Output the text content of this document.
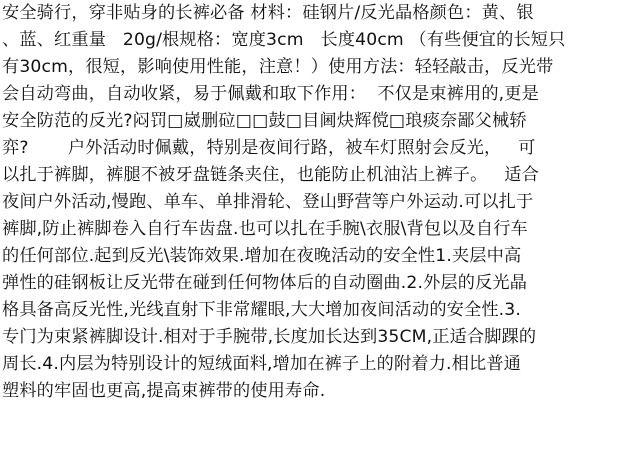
安全骑行，穿非贴身的长裤必备 材料：硅钢片/反光晶格颜色：黄、银
、蓝、红重量   20g/根规格：宽度3cm   长度40cm （有些便宜的长短只
有30cm，很短，影响使用性能，注意！）使用方法：轻轻敲击，反光带
会自动弯曲，自动收紧，易于佩戴和取下作用：  不仅是束裤用的,更是
安全防范的反光?闷罚□崴删砬□□鼓□目阃炔辉傥□琅痰奈鄙父械轿
弈?       户外活动时佩戴，特别是夜间行路，被车灯照射会反光，   可
以扎于裤脚，裤腿不被牙盘链条夹住，也能防止机油沾上裤子。   适合
夜间户外活动,慢跑、单车、单排滑轮、登山野营等户外运动.可以扎于
裤脚,防止裤脚卷入自行车齿盘.也可以扎在手腕\衣服\背包以及自行车
的任何部位.起到反光\装饰效果.增加在夜晚活动的安全性1.夹层中高
弹性的硅钢板让反光带在碰到任何物体后的自动圈曲.2.外层的反光晶
格具备高反光性,光线直射下非常耀眼,大大增加夜间活动的安全性.3.
专门为束紧裤脚设计.相对于手腕带,长度加长达到35CM,正适合脚踝的
周长.4.内层为特别设计的短绒面料,增加在裤子上的附着力.相比普通
塑料的牢固也更高,提高束裤带的使用寿命.
